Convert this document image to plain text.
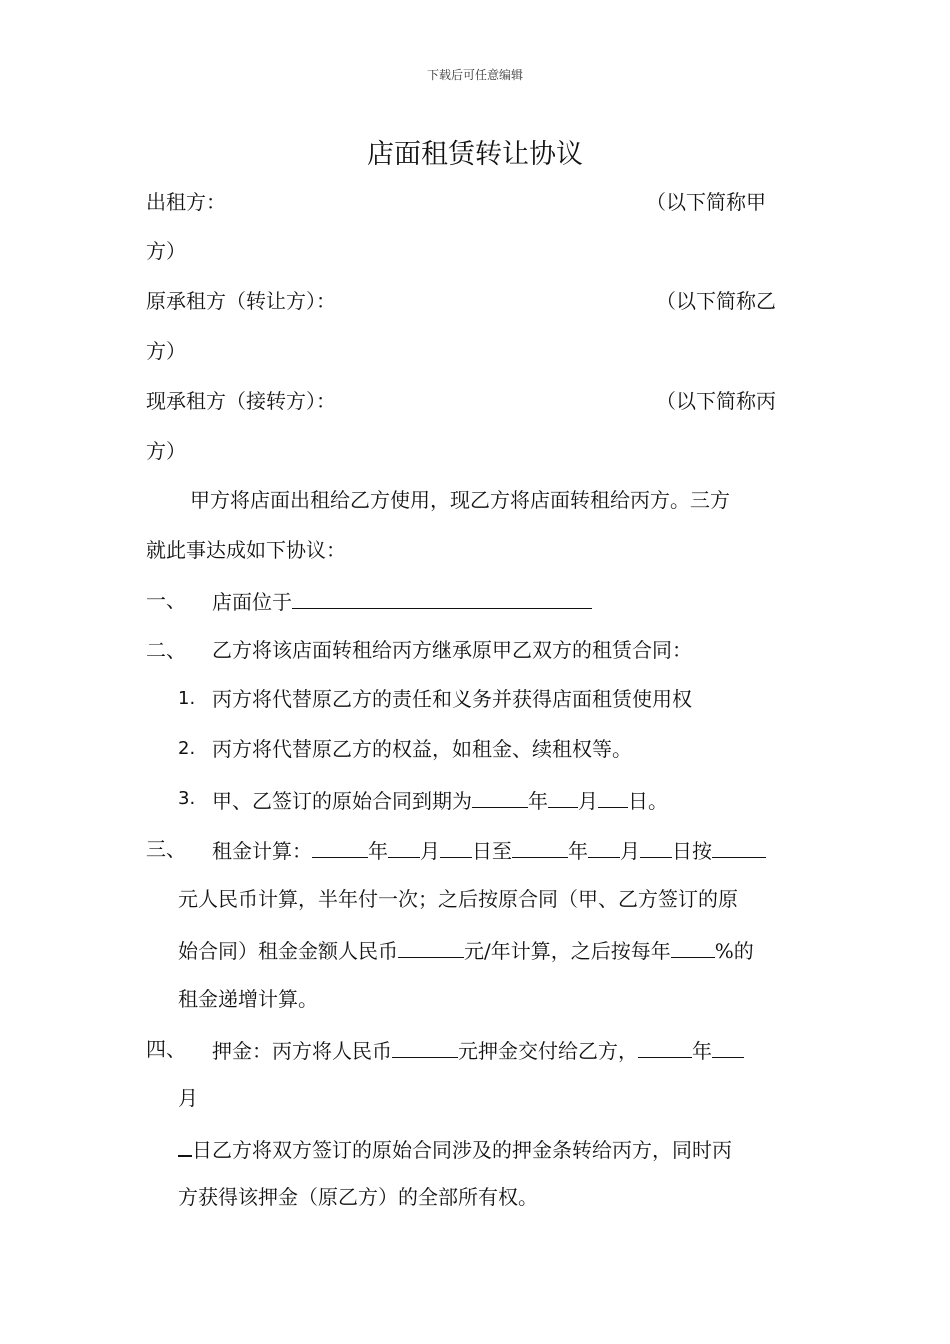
下载后可任意编辑
店面租赁转让协议
出租方：	（以下简称甲
方）
原承租方（转让方）：	（以下简称乙
方）
现承租方（接转方）：	（以下简称丙
方）
甲方将店面出租给乙方使用，现乙方将店面转租给丙方。三方
就此事达成如下协议：
一、 店面位于
二、 乙方将该店面转租给丙方继承原甲乙双方的租赁合同：
1. 丙方将代替原乙方的责任和义务并获得店面租赁使用权
2. 丙方将代替原乙方的权益，如租金、续租权等。
3. 甲、乙签订的原始合同到期为	年 月 日。
三、 租金计算：	年 月 日至	年 月 日按
元人民币计算，半年付一次；之后按原合同（甲、乙方签订的原
始合同）租金金额人民币	元/年计算，之后按每年 %的
租金递增计算。
四、 押金：丙方将人民币	元押金交付给乙方，	年
月
日乙方将双方签订的原始合同涉及的押金条转给丙方，同时丙
方获得该押金（原乙方）的全部所有权。
